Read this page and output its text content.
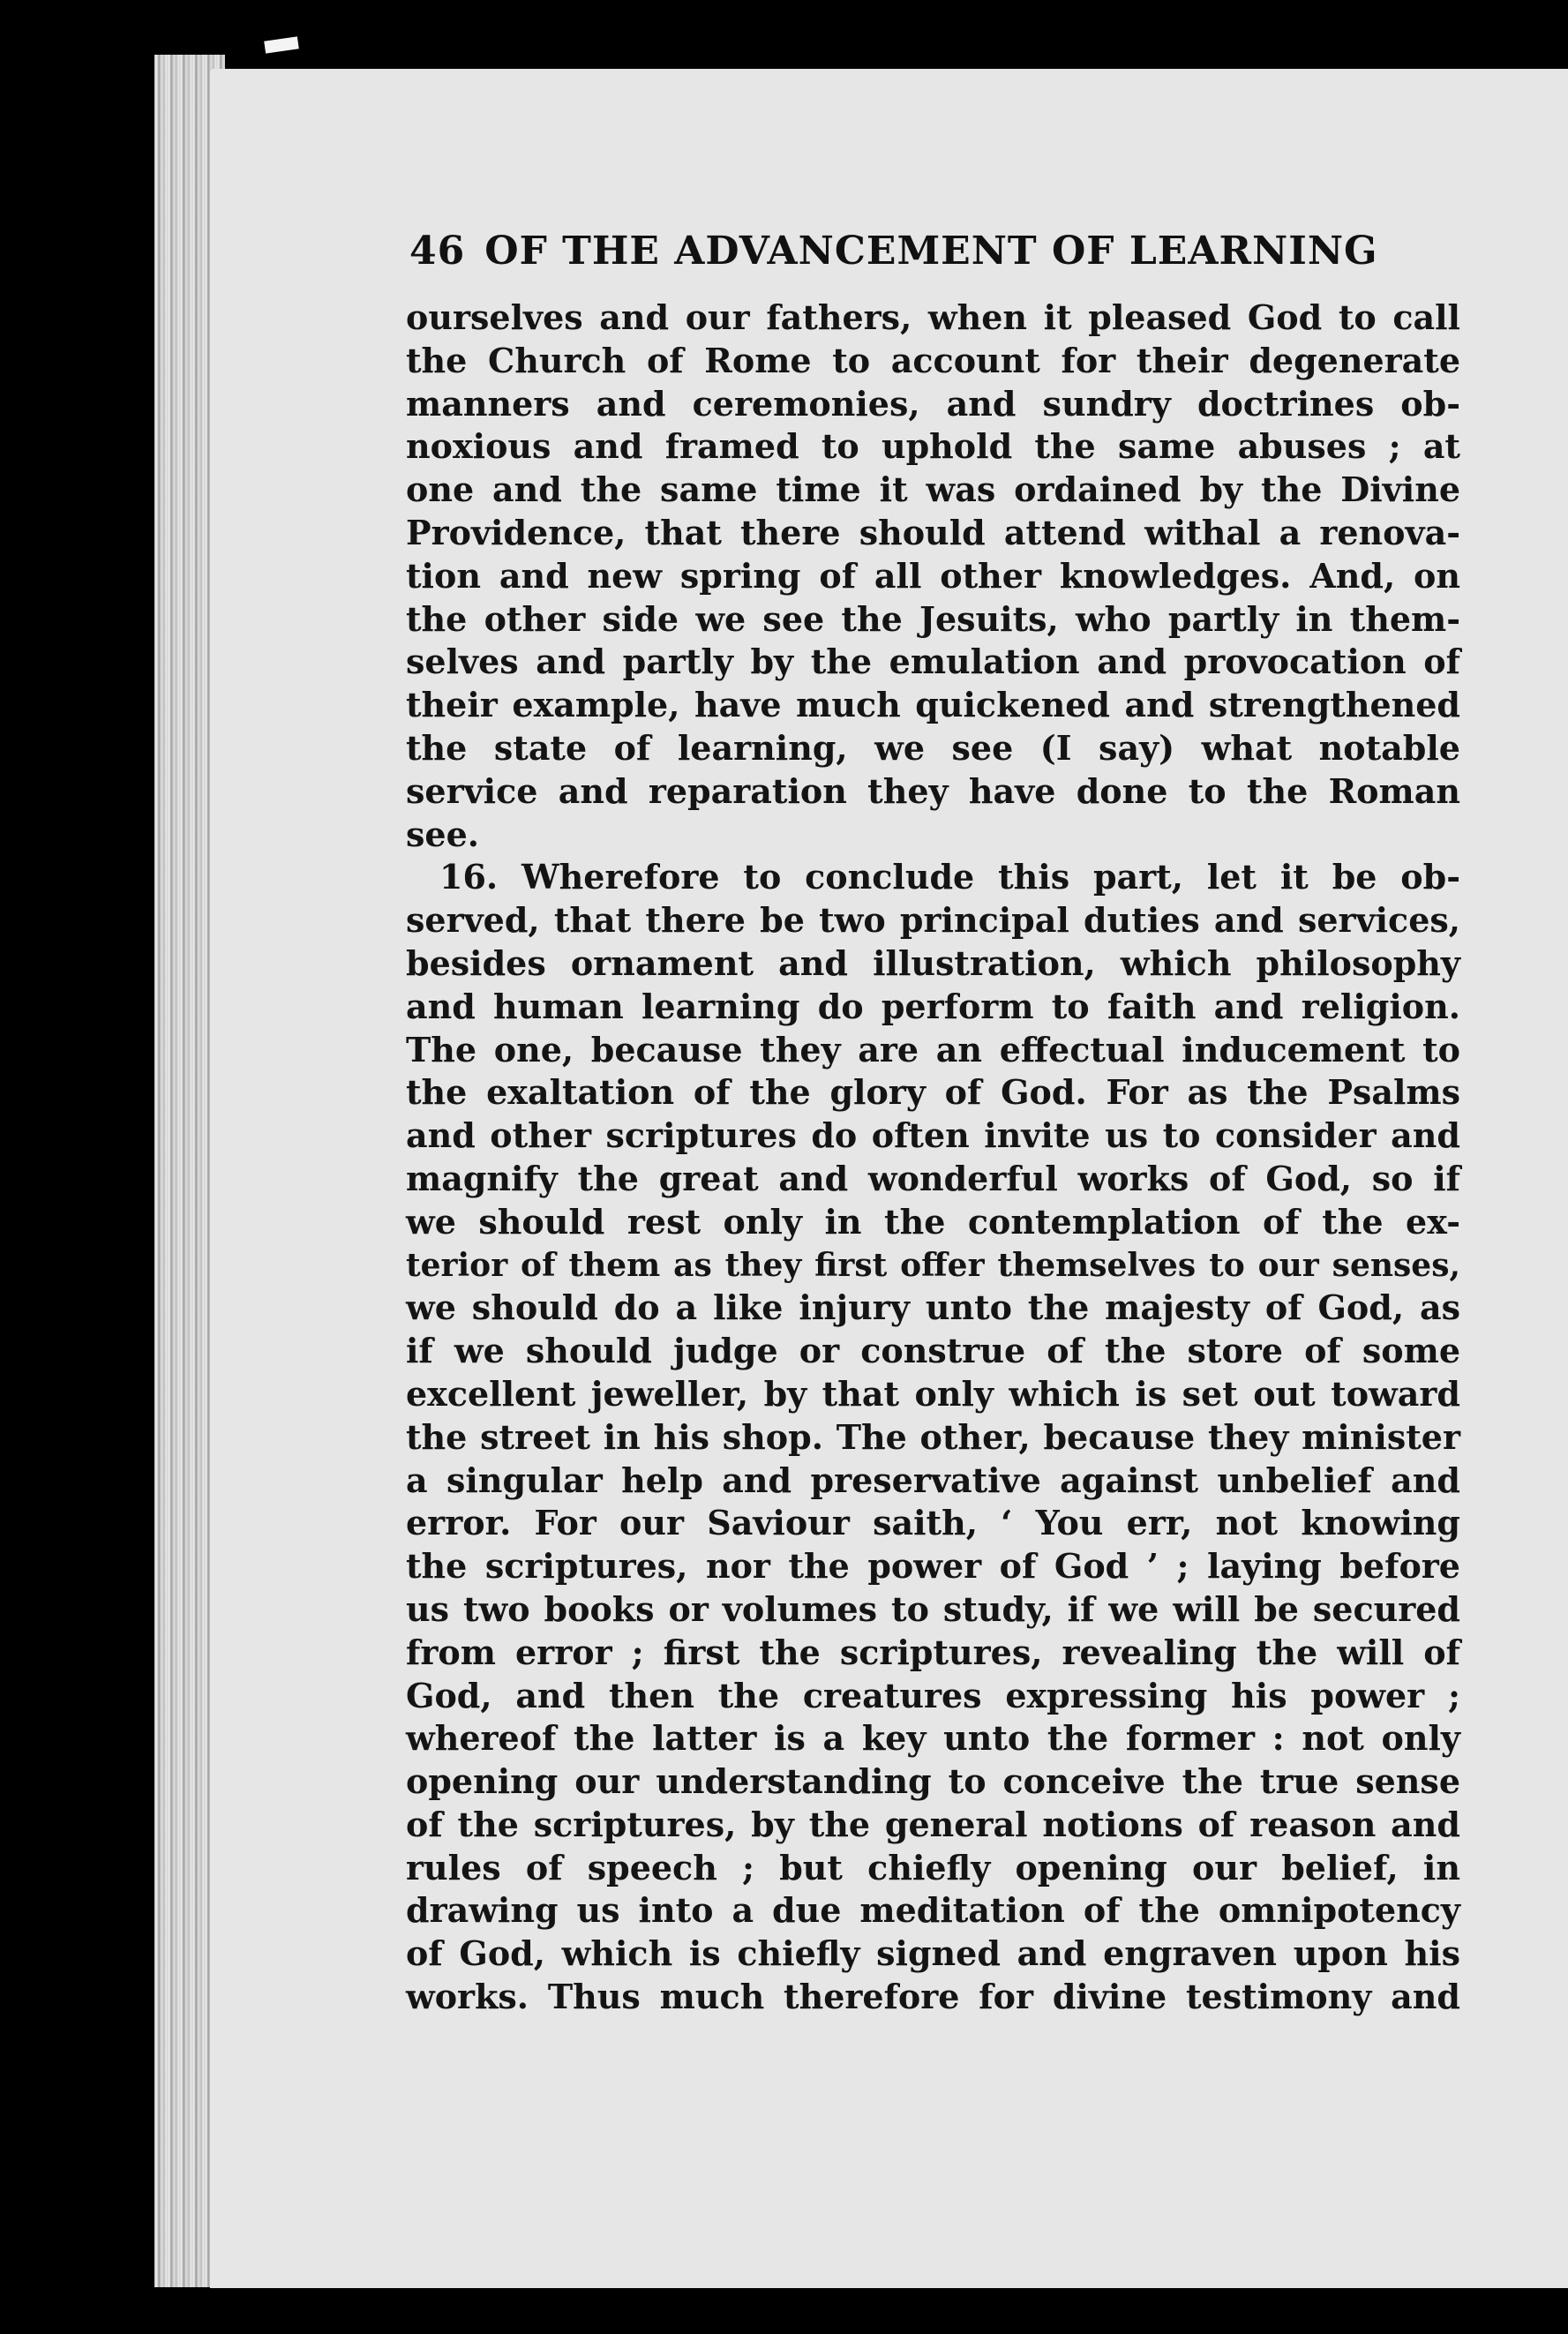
46 OF THE ADVANCEMENT OF LEARNING
ourselves and our fathers, when it pleased God to call
the Church of Rome to account for their degenerate
manners and ceremonies, and sundry doctrines ob-
noxious and framed to uphold the same abuses ; at
one and the same time it was ordained by the Divine
Providence, that there should attend withal a renova-
tion and new spring of all other knowledges. And, on
the other side we see the Jesuits, who partly in them-
selves and partly by the emulation and provocation of
their example, have much quickened and strengthened
the state of learning, we see (I say) what notable
service and reparation they have done to the Roman
see.
16. Wherefore to conclude this part, let it be ob-
served, that there be two principal duties and services,
besides ornament and illustration, which philosophy
and human learning do perform to faith and religion.
The one, because they are an effectual inducement to
the exaltation of the glory of God. For as the Psalms
and other scriptures do often invite us to consider and
magnify the great and wonderful works of God, so if
we should rest only in the contemplation of the ex-
terior of them as they first offer themselves to our senses,
we should do a like injury unto the majesty of God, as
if we should judge or construe of the store of some
excellent jeweller, by that only which is set out toward
the street in his shop. The other, because they minister
a singular help and preservative against unbelief and
error. For our Saviour saith, ‘ You err, not knowing
the scriptures, nor the power of God ’ ; laying before
us two books or volumes to study, if we will be secured
from error ; first the scriptures, revealing the will of
God, and then the creatures expressing his power ;
whereof the latter is a key unto the former : not only
opening our understanding to conceive the true sense
of the scriptures, by the general notions of reason and
rules of speech ; but chiefly opening our belief, in
drawing us into a due meditation of the omnipotency
of God, which is chiefly signed and engraven upon his
works. Thus much therefore for divine testimony and
